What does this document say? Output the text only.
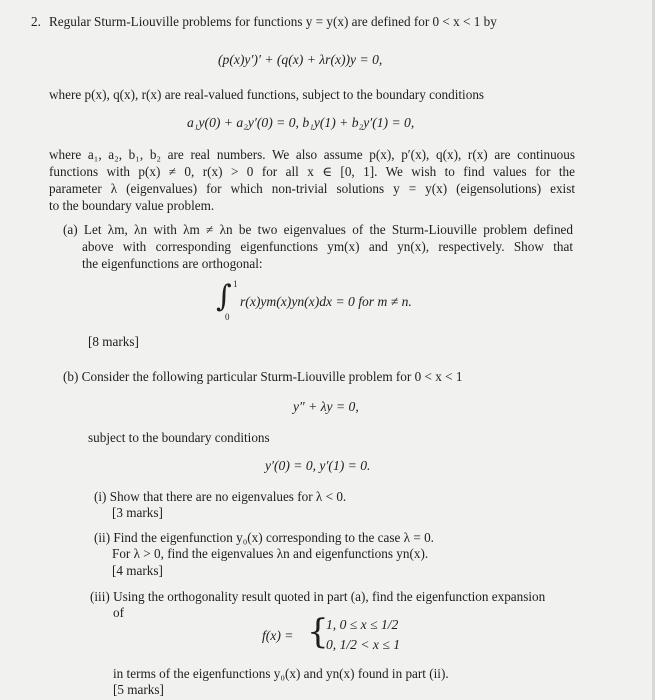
2. Regular Sturm-Liouville problems for functions y = y(x) are defined for 0 < x < 1 by
(p(x)y′)′ + (q(x) + λr(x))y = 0,
where p(x), q(x), r(x) are real-valued functions, subject to the boundary conditions
a₁y(0) + a₂y′(0) = 0, b₁y(1) + b₂y′(1) = 0,
where a₁, a₂, b₁, b₂ are real numbers. We also assume p(x), p′(x), q(x), r(x) are continuous
functions with p(x) ≠ 0, r(x) > 0 for all x ∈ [0, 1]. We wish to find values for the
parameter λ (eigenvalues) for which non-trivial solutions y = y(x) (eigensolutions) exist
to the boundary value problem.
(a) Let λm, λn with λm ≠ λn be two eigenvalues of the Sturm-Liouville problem defined
above with corresponding eigenfunctions ym(x) and yn(x), respectively. Show that
the eigenfunctions are orthogonal:
∫ 1
0
r(x)ym(x)yn(x)dx = 0 for m ≠ n.
[8 marks]
(b) Consider the following particular Sturm-Liouville problem for 0 < x < 1
y″ + λy = 0,
subject to the boundary conditions
y′(0) = 0, y′(1) = 0.
(i) Show that there are no eigenvalues for λ < 0.
[3 marks]
(ii) Find the eigenfunction y₀(x) corresponding to the case λ = 0.
For λ > 0, find the eigenvalues λn and eigenfunctions yn(x).
[4 marks]
(iii) Using the orthogonality result quoted in part (a), find the eigenfunction expansion
of
f(x) = {
1, 0 ≤ x ≤ 1/2
0, 1/2 < x ≤ 1
in terms of the eigenfunctions y₀(x) and yn(x) found in part (ii).
[5 marks]
